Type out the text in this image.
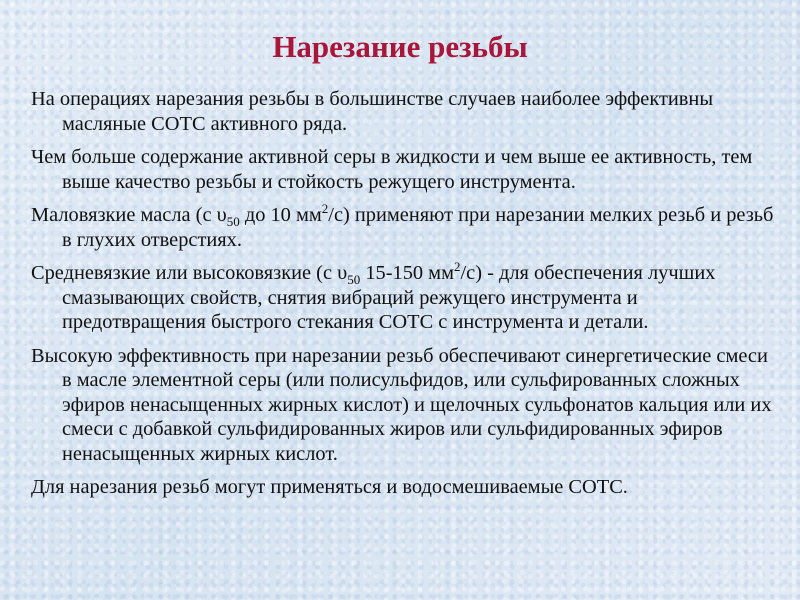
Нарезание резьбы

На операциях нарезания резьбы в большинстве случаев наиболее эффективны масляные СОТС активного ряда.

Чем больше содержание активной серы в жидкости и чем выше ее активность, тем выше качество резьбы и стойкость режущего инструмента.

Маловязкие масла (с $\upsilon_{50}$ до 10 $мм^2/с$) применяют при нарезании мелких резьб и резьб в глухих отверстиях.

Средневязкие или высоковязкие (с $\upsilon_{50}$ 15-150 $мм^2/с$) - для обеспечения лучших смазывающих свойств, снятия вибраций режущего инструмента и предотвращения быстрого стекания СОТС с инструмента и детали.

Высокую эффективность при нарезании резьб обеспечивают синергетические смеси в масле элементной серы (или полисульфидов, или сульфированных сложных эфиров ненасыщенных жирных кислот) и щелочных сульфонатов кальция или их смеси с добавкой сульфидированных жиров или сульфидированных эфиров ненасыщенных жирных кислот.

Для нарезания резьб могут применяться и водосмешиваемые СОТС.
